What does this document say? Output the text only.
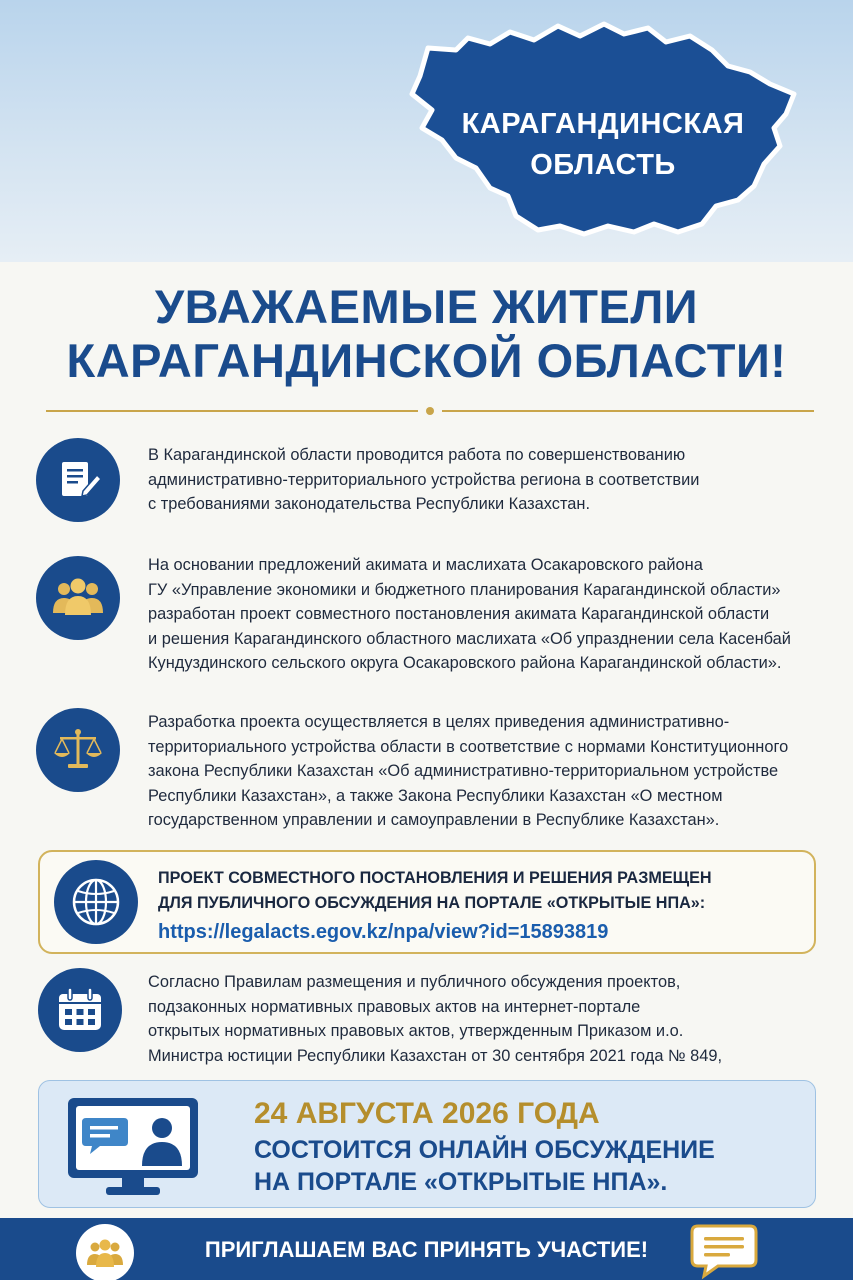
КАРАГАНДИНСКАЯ
ОБЛАСТЬ
УВАЖАЕМЫЕ ЖИТЕЛИ
КАРАГАНДИНСКОЙ ОБЛАСТИ!
В Карагандинской области проводится работа по совершенствованию
административно-территориального устройства региона в соответствии
с требованиями законодательства Республики Казахстан.
На основании предложений акимата и маслихата Осакаровского района
ГУ «Управление экономики и бюджетного планирования Карагандинской области»
разработан проект совместного постановления акимата Карагандинской области
и решения Карагандинского областного маслихата «Об упразднении села Касенбай
Кундуздинского сельского округа Осакаровского района Карагандинской области».
Разработка проекта осуществляется в целях приведения административно-
территориального устройства области в соответствие с нормами Конституционного
закона Республики Казахстан «Об административно-территориальном устройстве
Республики Казахстан», а также Закона Республики Казахстан «О местном
государственном управлении и самоуправлении в Республике Казахстан».
ПРОЕКТ СОВМЕСТНОГО ПОСТАНОВЛЕНИЯ И РЕШЕНИЯ РАЗМЕЩЕН
ДЛЯ ПУБЛИЧНОГО ОБСУЖДЕНИЯ НА ПОРТАЛЕ «ОТКРЫТЫЕ НПА»:
https://legalacts.egov.kz/npa/view?id=15893819
Согласно Правилам размещения и публичного обсуждения проектов,
подзаконных нормативных правовых актов на интернет-портале
открытых нормативных правовых актов, утвержденным Приказом и.о.
Министра юстиции Республики Казахстан от 30 сентября 2021 года № 849,
24 АВГУСТА 2026 ГОДА
СОСТОИТСЯ ОНЛАЙН ОБСУЖДЕНИЕ
НА ПОРТАЛЕ «ОТКРЫТЫЕ НПА».
ПРИГЛАШАЕМ ВАС ПРИНЯТЬ УЧАСТИЕ!
